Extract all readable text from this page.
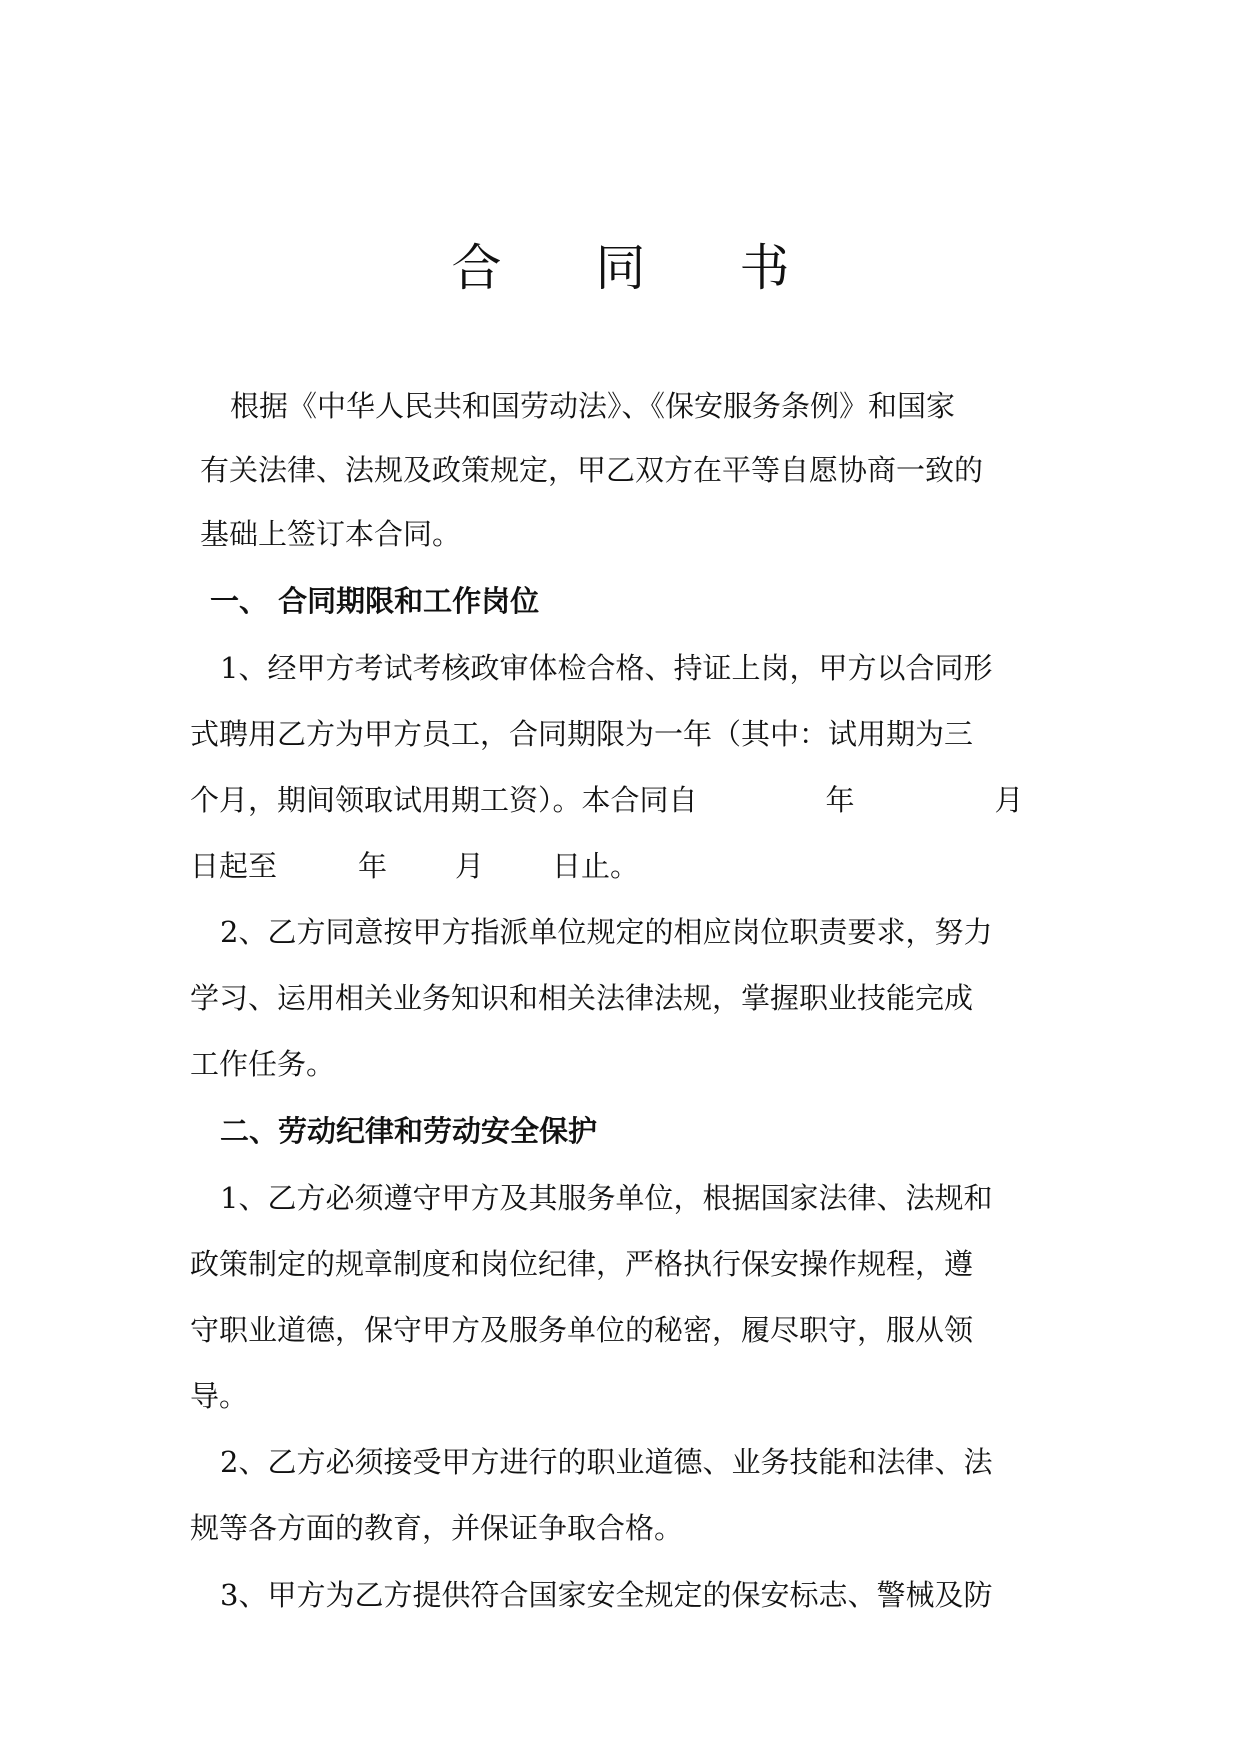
合 同 书
根据《中华人民共和国劳动法》、《保安服务条例》和国家
有关法律、法规及政策规定，甲乙双方在平等自愿协商一致的
基础上签订本合同。
一、 合同期限和工作岗位
1、经甲方考试考核政审体检合格、持证上岗，甲方以合同形
式聘用乙方为甲方员工，合同期限为一年（其中：试用期为三
个月，期间领取试用期工资）。本合同自	年	月
日起至	年 月 日止。
2、乙方同意按甲方指派单位规定的相应岗位职责要求，努力
学习、运用相关业务知识和相关法律法规，掌握职业技能完成
工作任务。
二、劳动纪律和劳动安全保护
1、乙方必须遵守甲方及其服务单位，根据国家法律、法规和
政策制定的规章制度和岗位纪律，严格执行保安操作规程，遵
守职业道德，保守甲方及服务单位的秘密，履尽职守，服从领
导。
2、乙方必须接受甲方进行的职业道德、业务技能和法律、法
规等各方面的教育，并保证争取合格。
3、甲方为乙方提供符合国家安全规定的保安标志、警械及防
